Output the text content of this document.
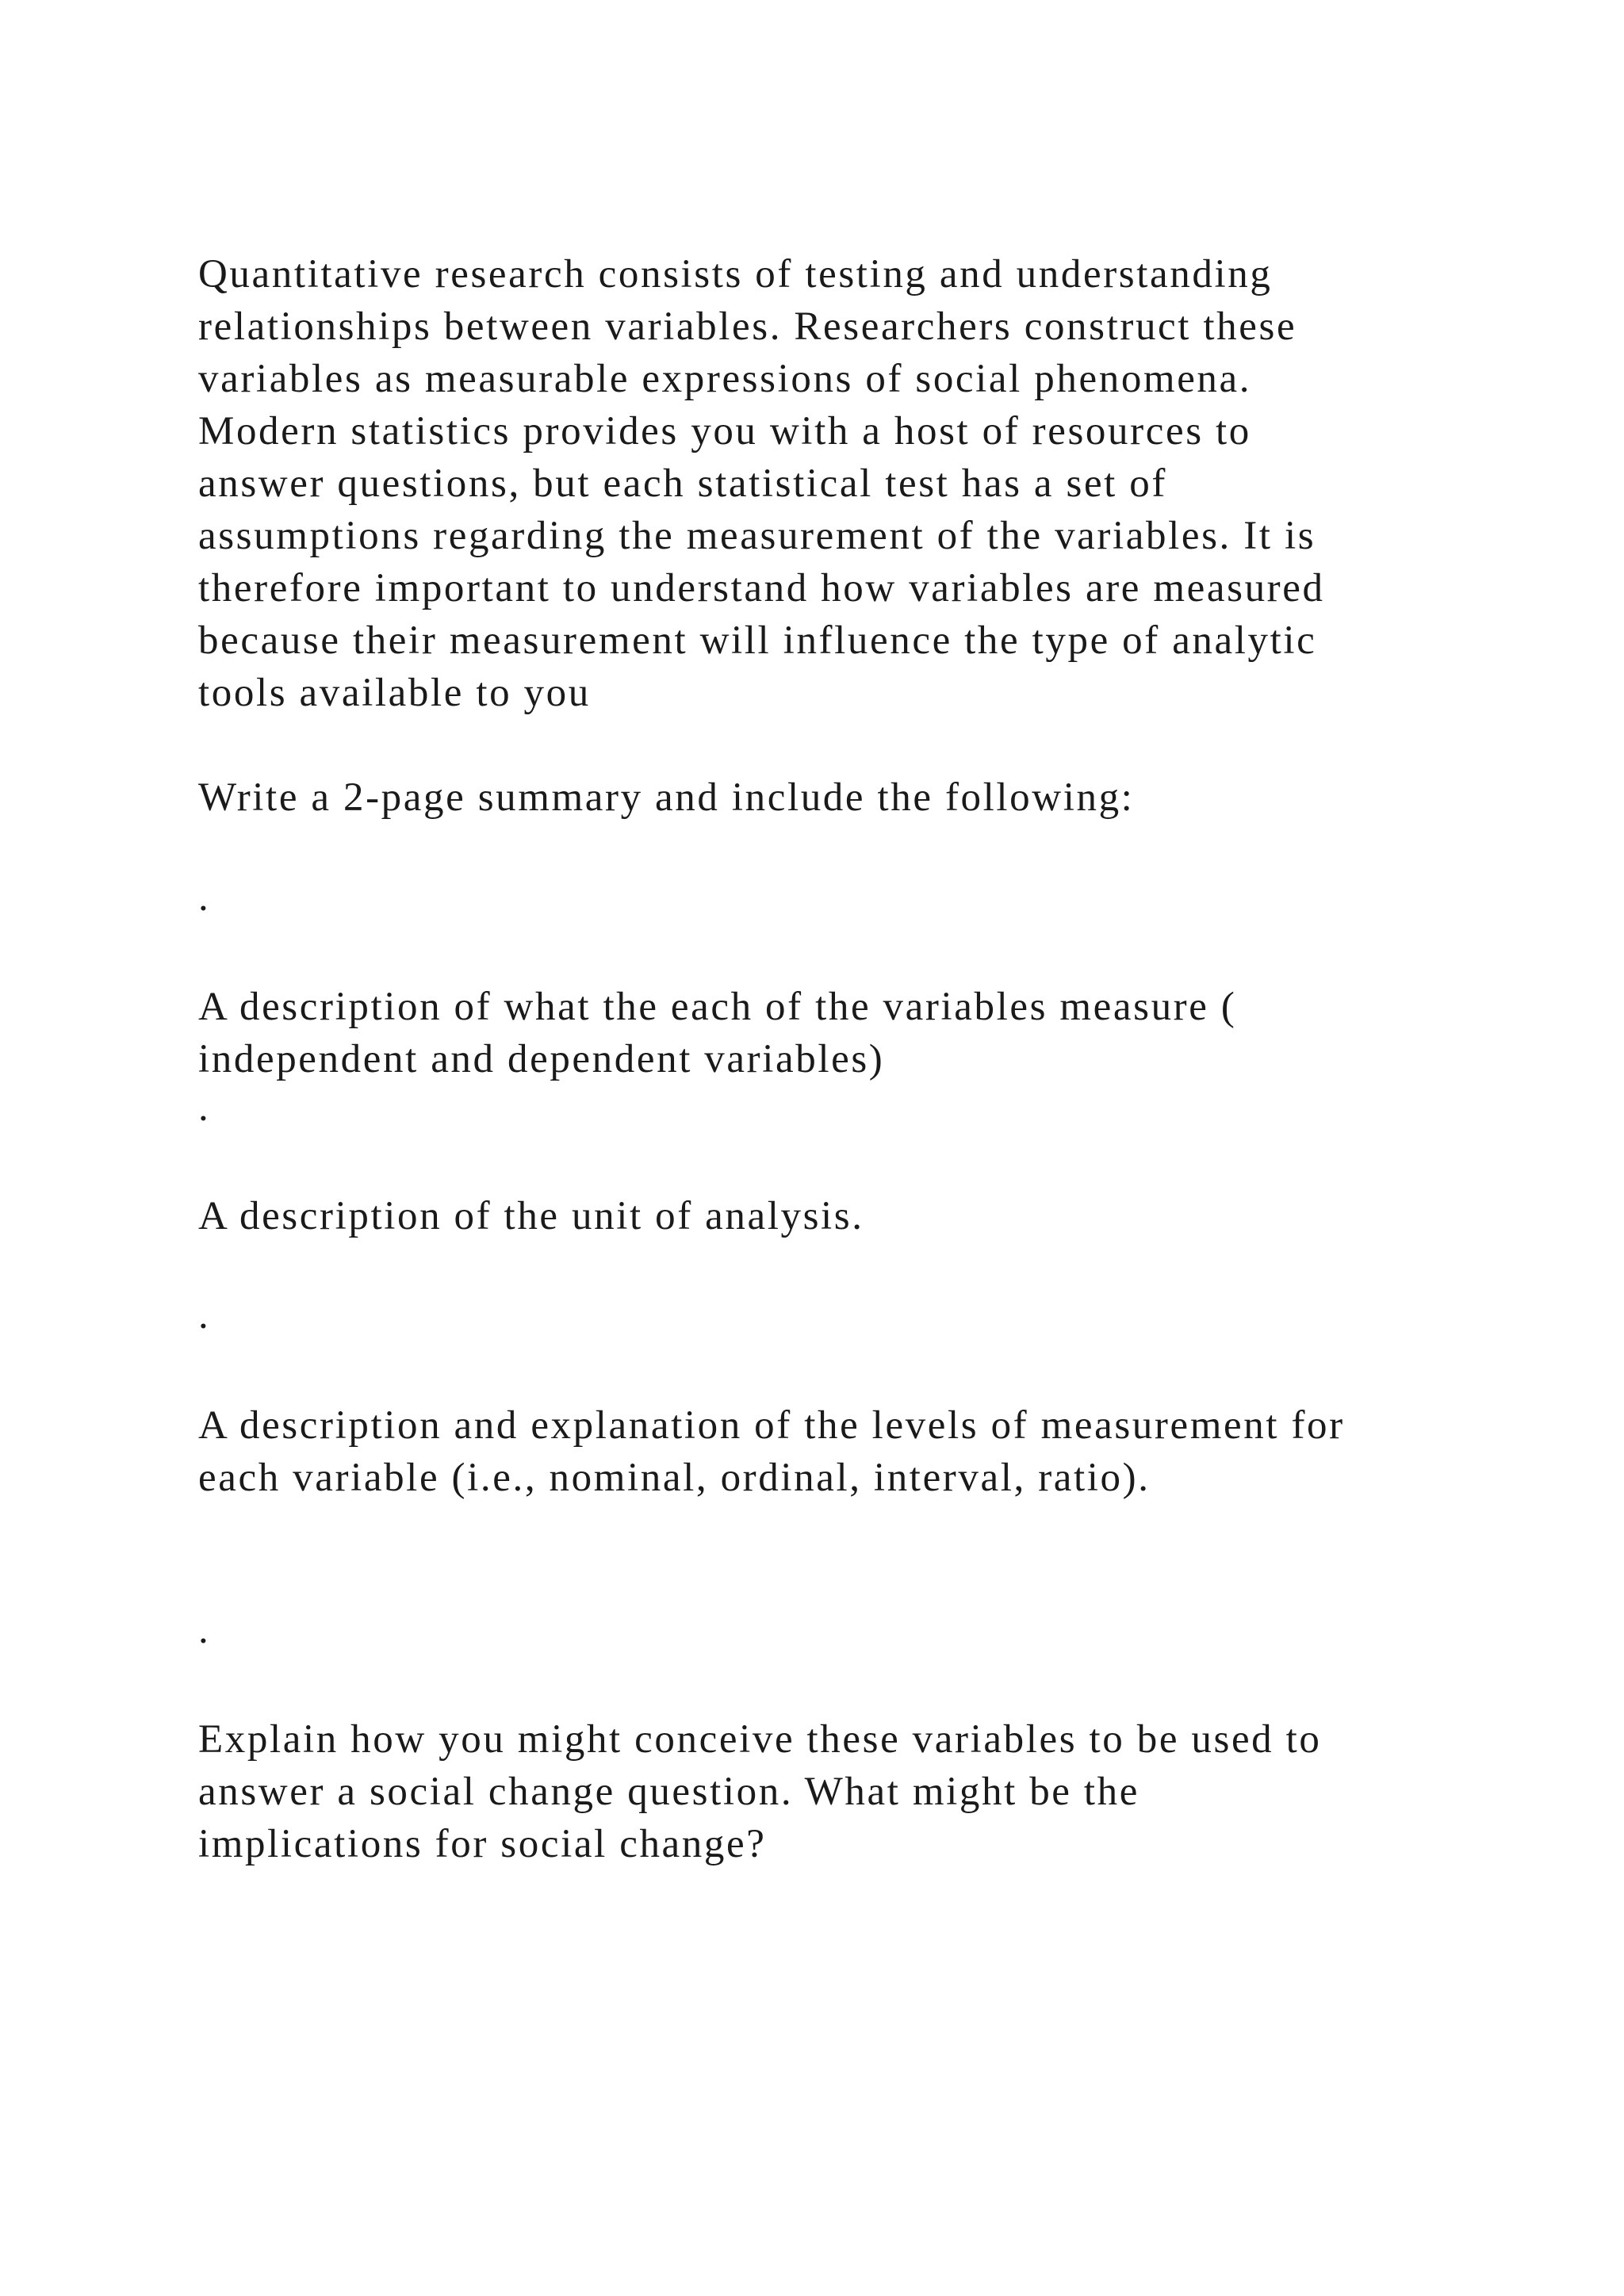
Quantitative research consists of testing and understanding

relationships between variables. Researchers construct these

variables as measurable expressions of social phenomena.

Modern statistics provides you with a host of resources to

answer questions, but each statistical test has a set of

assumptions regarding the measurement of the variables. It is

therefore important to understand how variables are measured

because their measurement will influence the type of analytic

tools available to you

Write a 2-page summary and include the following:

.

A description of what the each of the variables measure (

independent and dependent variables)

.

A description of the unit of analysis.

.

A description and explanation of the levels of measurement for

each variable (i.e., nominal, ordinal, interval, ratio).

.

Explain how you might conceive these variables to be used to

answer a social change question. What might be the

implications for social change?
